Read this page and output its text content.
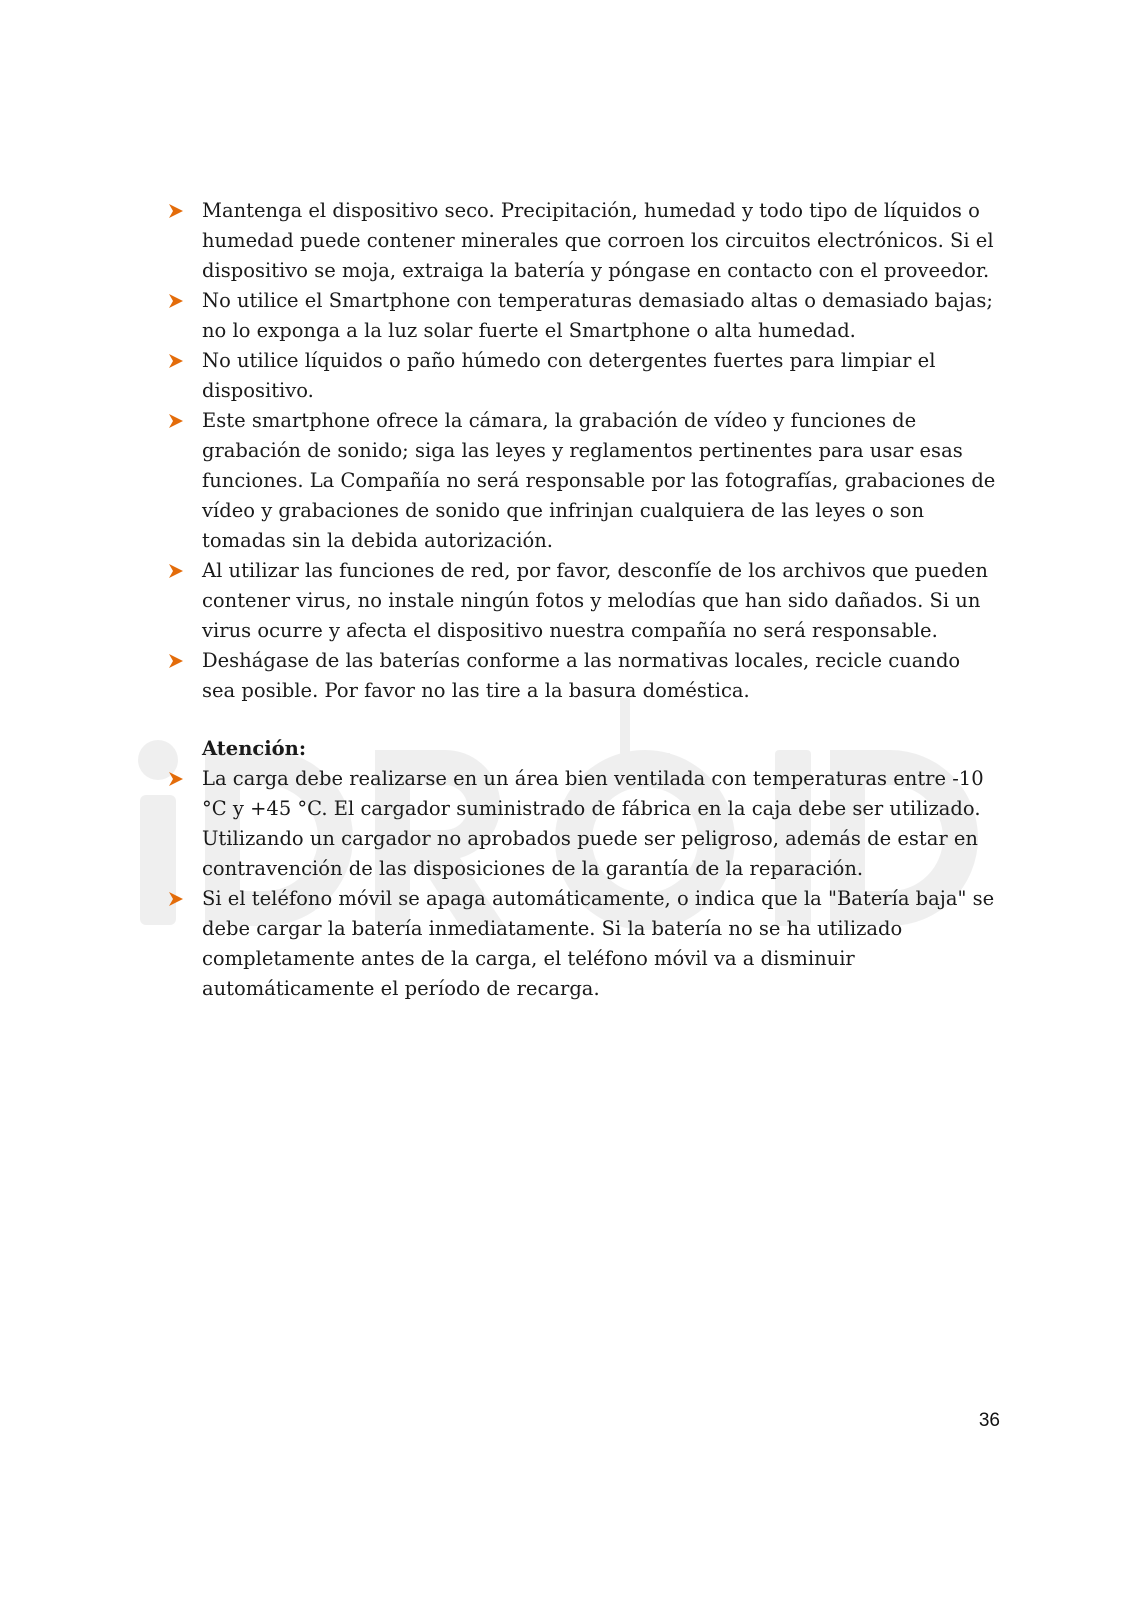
Mantenga el dispositivo seco. Precipitación, humedad y todo tipo de líquidos o humedad puede contener minerales que corroen los circuitos electrónicos. Si el dispositivo se moja, extraiga la batería y póngase en contacto con el proveedor.
No utilice el Smartphone con temperaturas demasiado altas o demasiado bajas; no lo exponga a la luz solar fuerte el Smartphone o alta humedad.
No utilice líquidos o paño húmedo con detergentes fuertes para limpiar el dispositivo.
Este smartphone ofrece la cámara, la grabación de vídeo y funciones de grabación de sonido; siga las leyes y reglamentos pertinentes para usar esas funciones. La Compañía no será responsable por las fotografías, grabaciones de vídeo y grabaciones de sonido que infrinjan cualquiera de las leyes o son tomadas sin la debida autorización.
Al utilizar las funciones de red, por favor, desconfíe de los archivos que pueden contener virus, no instale ningún fotos y melodías que han sido dañados. Si un virus ocurre y afecta el dispositivo nuestra compañía no será responsable.
Deshágase de las baterías conforme a las normativas locales, recicle cuando sea posible. Por favor no las tire a la basura doméstica.

Atención:

La carga debe realizarse en un área bien ventilada con temperaturas entre -10 °C y +45 °C. El cargador suministrado de fábrica en la caja debe ser utilizado. Utilizando un cargador no aprobados puede ser peligroso, además de estar en contravención de las disposiciones de la garantía de la reparación.
Si el teléfono móvil se apaga automáticamente, o indica que la "Batería baja" se debe cargar la batería inmediatamente. Si la batería no se ha utilizado completamente antes de la carga, el teléfono móvil va a disminuir automáticamente el período de recarga.
36
